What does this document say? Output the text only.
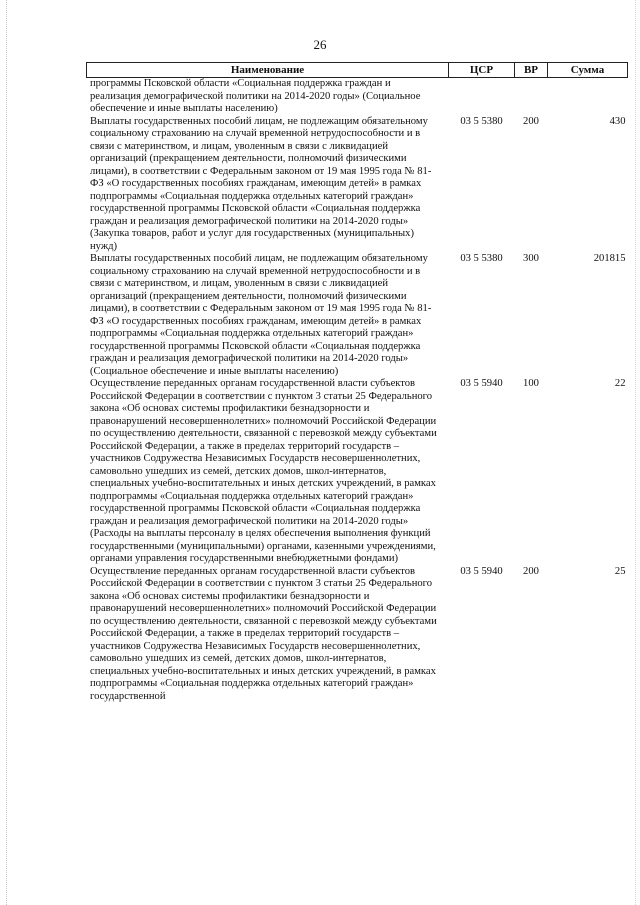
26
Наименование	ЦСР	ВР	Сумма
программы Псковской области «Социальная поддержка граждан и реализация демографической политики на 2014-2020 годы» (Социальное обеспечение и иные выплаты населению)			
Выплаты государственных пособий лицам, не подлежащим обязательному социальному страхованию на случай временной нетрудоспособности и в связи с материнством, и лицам, уволенным в связи с ликвидацией организаций (прекращением деятельности, полномочий физическими лицами), в соответствии с Федеральным законом от 19 мая 1995 года № 81-ФЗ «О государственных пособиях гражданам, имеющим детей» в рамках подпрограммы «Социальная поддержка отдельных категорий граждан» государственной программы Псковской области «Социальная поддержка граждан и реализация демографической политики на 2014-2020 годы» (Закупка товаров, работ и услуг для государственных (муниципальных) нужд)	03 5 5380	200	430
Выплаты государственных пособий лицам, не подлежащим обязательному социальному страхованию на случай временной нетрудоспособности и в связи с материнством, и лицам, уволенным в связи с ликвидацией организаций (прекращением деятельности, полномочий физическими лицами), в соответствии с Федеральным законом от 19 мая 1995 года № 81-ФЗ «О государственных пособиях гражданам, имеющим детей» в рамках подпрограммы «Социальная поддержка отдельных категорий граждан» государственной программы Псковской области «Социальная поддержка граждан и реализация демографической политики на 2014-2020 годы» (Социальное обеспечение и иные выплаты населению)	03 5 5380	300	201815
Осуществление переданных органам государственной власти субъектов Российской Федерации в соответствии с пунктом 3 статьи 25 Федерального закона «Об основах системы профилактики безнадзорности и правонарушений несовершеннолетних» полномочий Российской Федерации по осуществлению деятельности, связанной с перевозкой между субъектами Российской Федерации, а также в пределах территорий государств – участников Содружества Независимых Государств несовершеннолетних, самовольно ушедших из семей, детских домов, школ-интернатов, специальных учебно-воспитательных и иных детских учреждений, в рамках подпрограммы «Социальная поддержка отдельных категорий граждан» государственной программы Псковской области «Социальная поддержка граждан и реализация демографической политики на 2014-2020 годы» (Расходы на выплаты персоналу в целях обеспечения выполнения функций государственными (муниципальными) органами, казенными учреждениями, органами управления государственными внебюджетными фондами)	03 5 5940	100	22
Осуществление переданных органам государственной власти субъектов Российской Федерации в соответствии с пунктом 3 статьи 25 Федерального закона «Об основах системы профилактики безнадзорности и правонарушений несовершеннолетних» полномочий Российской Федерации по осуществлению деятельности, связанной с перевозкой между субъектами Российской Федерации, а также в пределах территорий государств – участников Содружества Независимых Государств несовершеннолетних, самовольно ушедших из семей, детских домов, школ-интернатов, специальных учебно-воспитательных и иных детских учреждений, в рамках подпрограммы «Социальная поддержка отдельных категорий граждан» государственной	03 5 5940	200	25
